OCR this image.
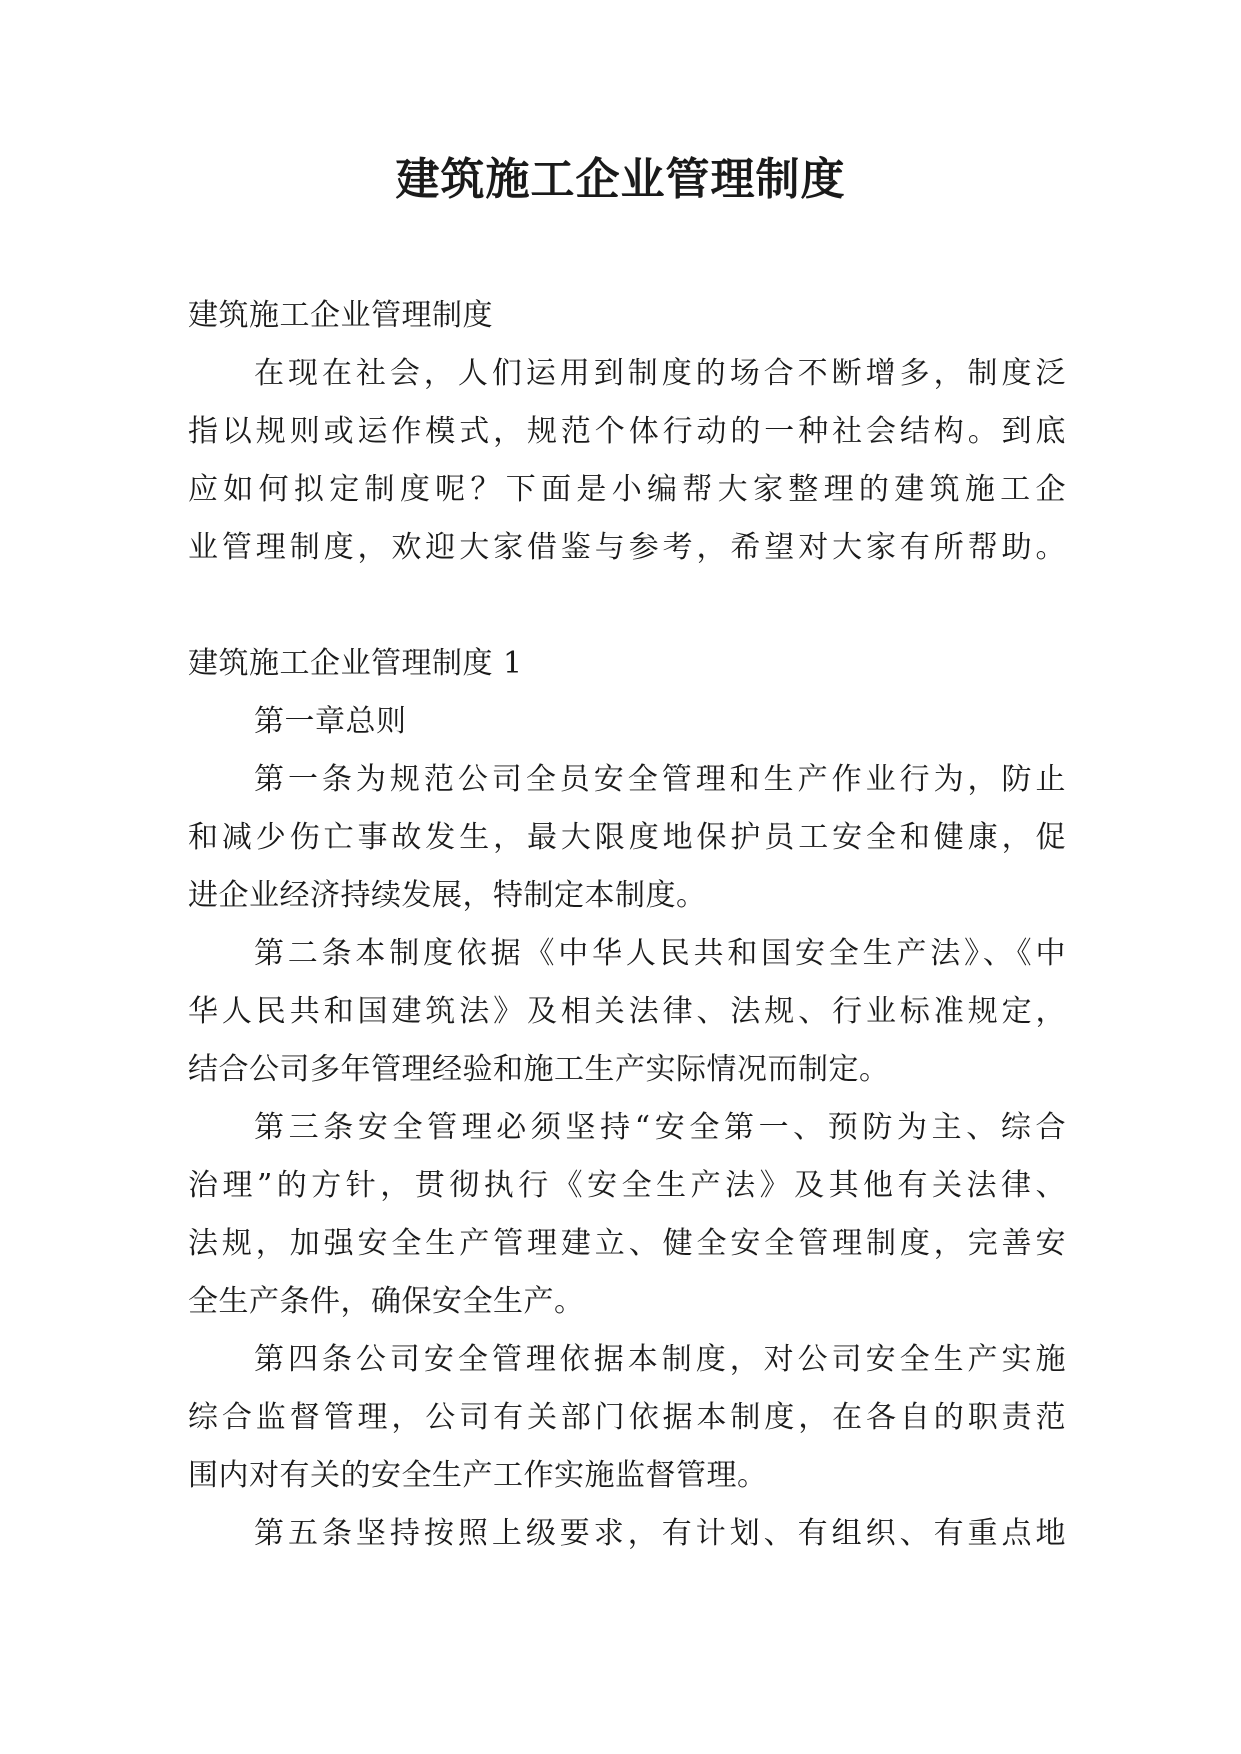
建筑施工企业管理制度
建筑施工企业管理制度
在现在社会，人们运用到制度的场合不断增多，制度泛
指以规则或运作模式，规范个体行动的一种社会结构。到底
应如何拟定制度呢？下面是小编帮大家整理的建筑施工企
业管理制度，欢迎大家借鉴与参考，希望对大家有所帮助。
建筑施工企业管理制度 1
第一章总则
第一条为规范公司全员安全管理和生产作业行为，防止
和减少伤亡事故发生，最大限度地保护员工安全和健康，促
进企业经济持续发展，特制定本制度。
第二条本制度依据《中华人民共和国安全生产法》、《中
华人民共和国建筑法》及相关法律、法规、行业标准规定，
结合公司多年管理经验和施工生产实际情况而制定。
第三条安全管理必须坚持“安全第一、预防为主、综合
治理”的方针，贯彻执行《安全生产法》及其他有关法律、
法规，加强安全生产管理建立、健全安全管理制度，完善安
全生产条件，确保安全生产。
第四条公司安全管理依据本制度，对公司安全生产实施
综合监督管理，公司有关部门依据本制度，在各自的职责范
围内对有关的安全生产工作实施监督管理。
第五条坚持按照上级要求，有计划、有组织、有重点地
